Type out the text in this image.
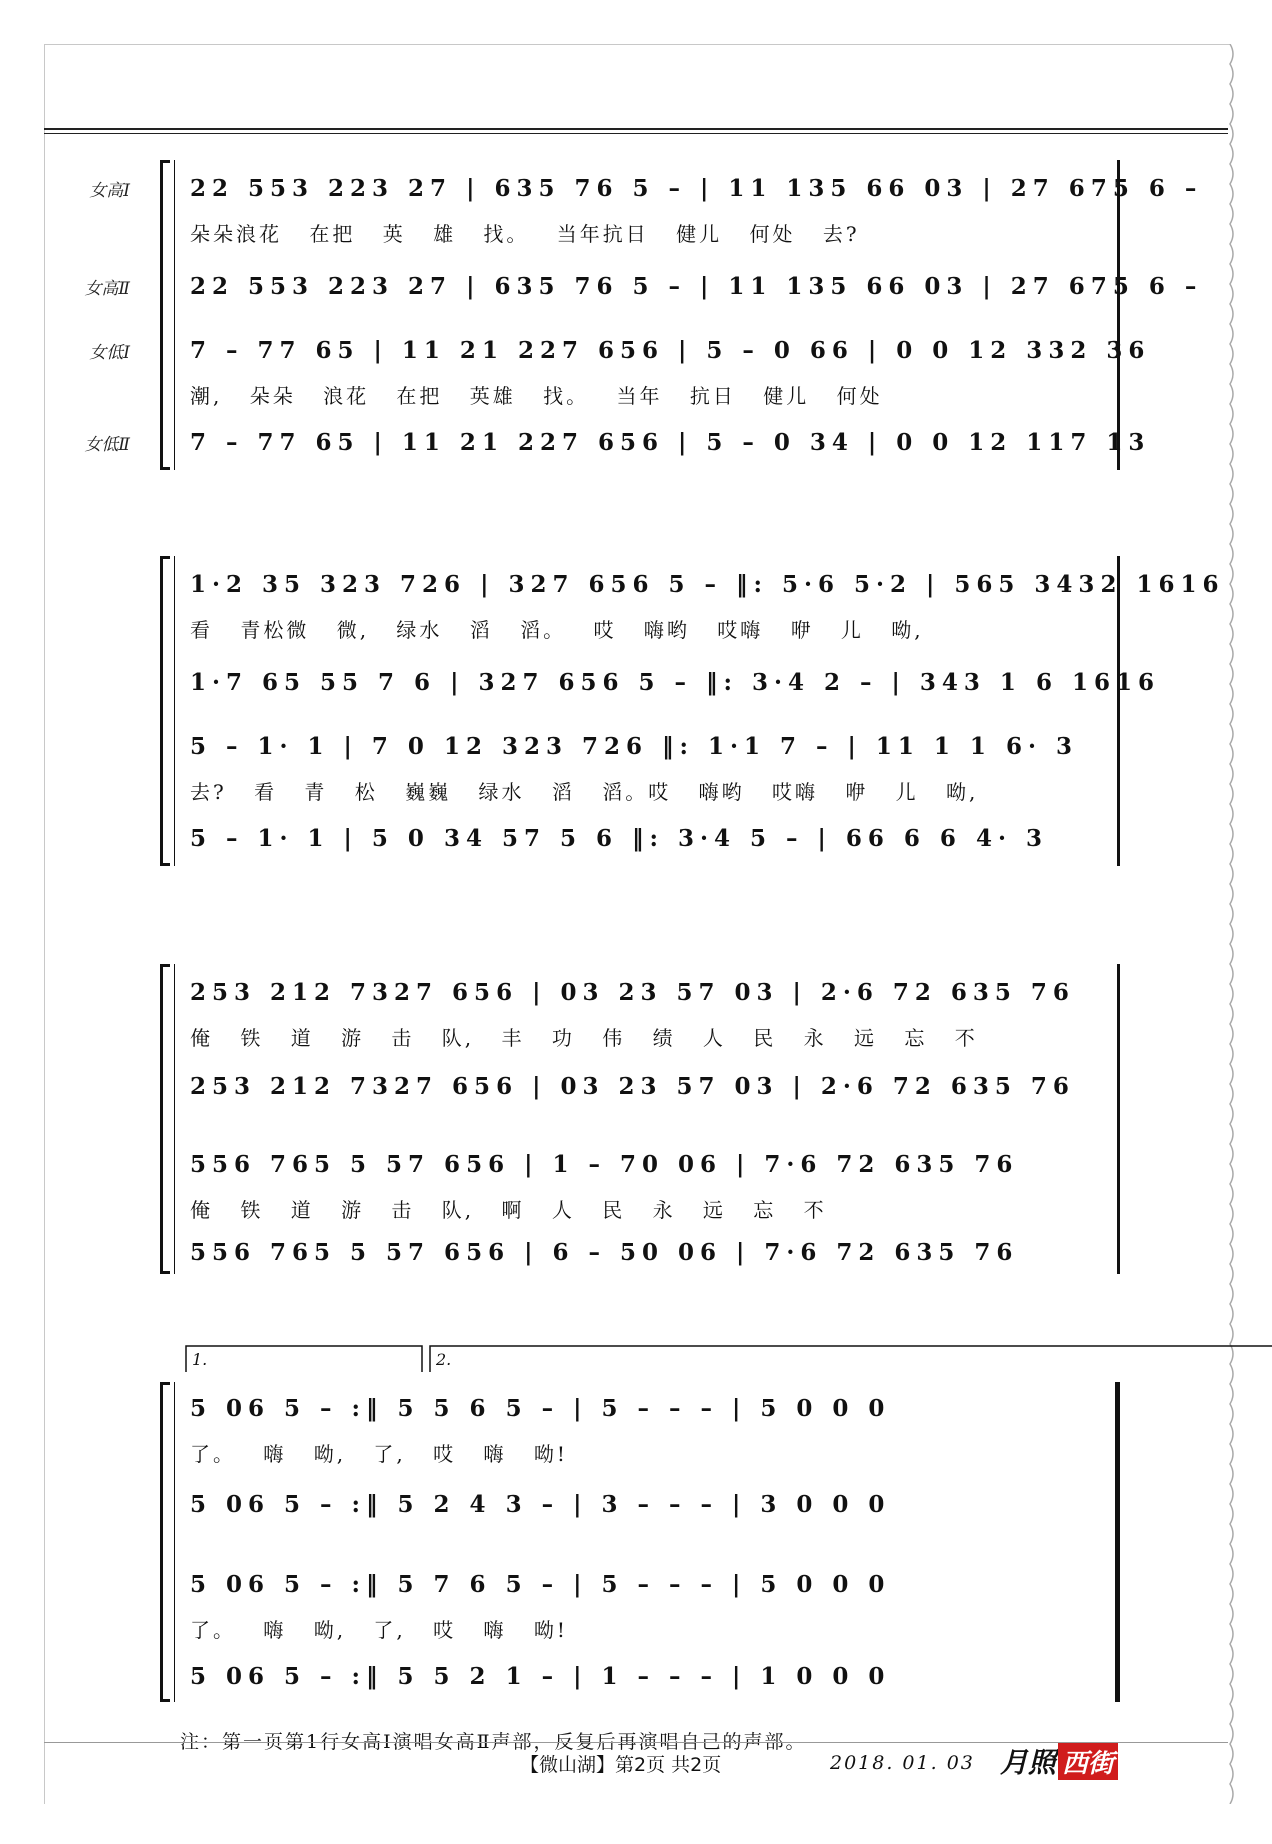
女高Ⅰ	22 553 223 27 | 635 76 5 – | 11 135 66 03 | 27 675 6 –
朵朵浪花 在把 英 雄 找。 当年抗日 健儿 何处 去?
女高Ⅱ	22 553 223 27 | 635 76 5 – | 11 135 66 03 | 27 675 6 –
女低Ⅰ	7 – 77 65 | 11 21 227 656 | 5 – 0 66 | 0 0 12 332 36
潮, 朵朵 浪花 在把 英雄 找。 当年 抗日 健儿 何处
女低Ⅱ	7 – 77 65 | 11 21 227 656 | 5 – 0 34 | 0 0 12 117 13
1·2 35 323 726 | 327 656 5 – ‖: 5·6 5·2 | 565 3432 1616
看 青松微 微, 绿水 滔 滔。 哎 嗨哟 哎嗨 咿 儿 呦,
1·7 65 55 7 6 | 327 656 5 – ‖: 3·4 2 – | 343 1 6 1616
5 – 1· 1 | 7 0 12 323 726 ‖: 1·1 7 – | 11 1 1 6· 3
去? 看 青 松 巍巍 绿水 滔 滔。哎 嗨哟 哎嗨 咿 儿 呦,
5 – 1· 1 | 5 0 34 57 5 6 ‖: 3·4 5 – | 66 6 6 4· 3
253 212 7327 656 | 03 23 57 03 | 2·6 72 635 76
俺 铁 道 游 击 队, 丰 功 伟 绩 人 民 永 远 忘 不
253 212 7327 656 | 03 23 57 03 | 2·6 72 635 76
556 765 5 57 656 | 1 – 70 06 | 7·6 72 635 76
俺 铁 道 游 击 队, 啊 人 民 永 远 忘 不
556 765 5 57 656 | 6 – 50 06 | 7·6 72 635 76
1.	2.
5 06 5 – :‖ 5 5 6 5 – | 5 – – – | 5 0 0 0
了。 嗨 呦, 了, 哎 嗨 呦!
5 06 5 – :‖ 5 2 4 3 – | 3 – – – | 3 0 0 0
5 06 5 – :‖ 5 7 6 5 – | 5 – – – | 5 0 0 0
了。 嗨 呦, 了, 哎 嗨 呦!
5 06 5 – :‖ 5 5 2 1 – | 1 – – – | 1 0 0 0
注：第一页第1行女高Ⅰ演唱女高Ⅱ声部，反复后再演唱自己的声部。
【微山湖】第2页 共2页	2018. 01. 03 月照 西街
